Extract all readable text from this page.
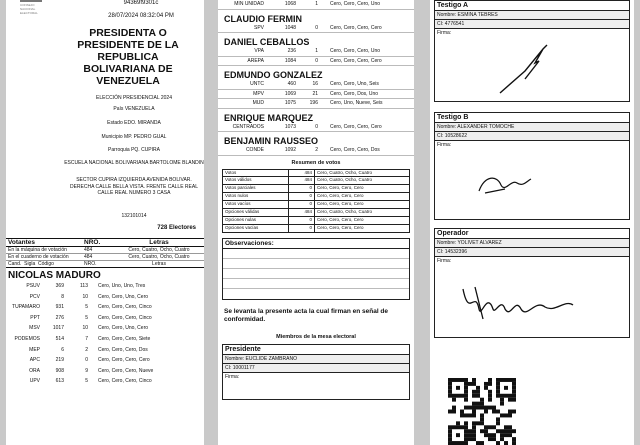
CONSEJO NACIONAL ELECTORAL
94369f9301c
28/07/2024 08:32:04 PM
PRESIDENTA O PRESIDENTE DE LA REPUBLICA BOLIVARIANA DE VENEZUELA
ELECCIÓN PRESIDENCIAL 2024
País VENEZUELA
Estado EDO. MIRANDA
Municipio MP. PEDRO GUAL
Parroquia PQ. CUPIRA
ESCUELA NACIONAL BOLIVARIANA BARTOLOME BLANDIN
SECTOR CUPIRA IZQUIERDA AVENIDA BOLIVAR. DERECHA CALLE BELLA VISTA. FRENTE CALLE REAL CALLE REAL NUMERO 3 CASA
132101014
728 Electores
Votantes	NRO.	Letras
En la máquina de votación	484	Cero, Cuatro, Ocho, Cuatro
En el cuaderno de votación	484	Cero, Cuatro, Ocho, Cuatro
Cand. Sigla Código	NRO.	Letras
NICOLAS MADURO
PSUV	369	113	Cero, Uno, Uno, Tres
PCV	8	10	Cero, Cero, Uno, Cero
TUPAMARO	931	5	Cero, Cero, Cero, Cinco
PPT	276	5	Cero, Cero, Cero, Cinco
MSV	1017	10	Cero, Cero, Uno, Cero
PODEMOS	514	7	Cero, Cero, Cero, Siete
MEP	6	2	Cero, Cero, Cero, Dos
APC	219	0	Cero, Cero, Cero, Cero
ORA	908	9	Cero, Cero, Cero, Nueve
UPV	613	5	Cero, Cero, Cero, Cinco
MIN UNIDAD	1068	1	Cero, Cero, Cero, Uno
CLAUDIO FERMIN
SPV	1048	0	Cero, Cero, Cero, Cero
DANIEL CEBALLOS
VPA	236	1	Cero, Cero, Cero, Uno
AREPA	1084	0	Cero, Cero, Cero, Cero
EDMUNDO GONZALEZ
UNTC	460	16	Cero, Cero, Uno, Seis
MPV	1069	21	Cero, Cero, Dos, Uno
MUD	1075	196	Cero, Uno, Nueve, Seis
ENRIQUE MARQUEZ
CENTRADOS	1073	0	Cero, Cero, Cero, Cero
BENJAMIN RAUSSEO
CONDE	1092	2	Cero, Cero, Cero, Dos
Resumen de votos
Votos	484	Cero, Cuatro, Ocho, Cuatro
Votos válidos	484	Cero, Cuatro, Ocho, Cuatro
Votos parciales	0	Cero, Cero, Cero, Cero
Votos nulos	0	Cero, Cero, Cero, Cero
Votos vacíos	0	Cero, Cero, Cero, Cero
Opciones válidas	484	Cero, Cuatro, Ocho, Cuatro
Opciones nulas	0	Cero, Cero, Cero, Cero
Opciones vacías	0	Cero, Cero, Cero, Cero
Observaciones:
Se levanta la presente acta la cual firman en señal de conformidad.
Miembros de la mesa electoral
Presidente
Nombre: EUCLIDE ZAMBRANO
CI: 10001177
Firma:
Testigo A
Nombre: ESMINA TEBRES
CI: 4776541
Firma:
Testigo B
Nombre: ALEXANDER TOMOCHE
CI: 10528622
Firma:
Operador
Nombre: YOLIVET ALVAREZ
CI: 14532396
Firma:
